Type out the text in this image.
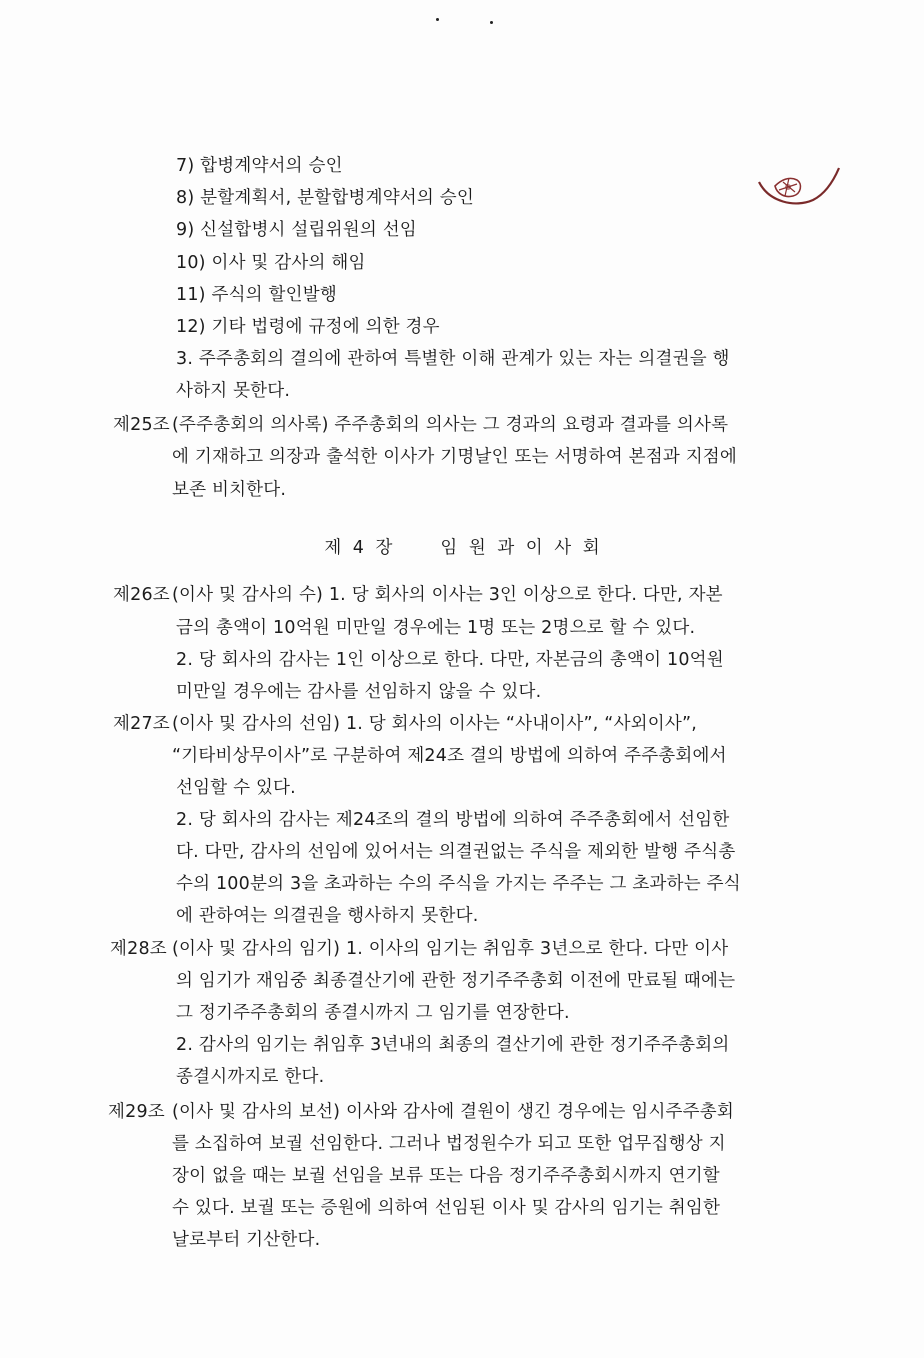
7) 합병계약서의 승인
8) 분할계획서, 분할합병계약서의 승인
9) 신설합병시 설립위원의 선임
10) 이사 및 감사의 해임
11) 주식의 할인발행
12) 기타 법령에 규정에 의한 경우
3. 주주총회의 결의에 관하여 특별한 이해 관계가 있는 자는 의결권을 행
사하지 못한다.
제25조 (주주총회의 의사록) 주주총회의 의사는 그 경과의 요령과 결과를 의사록
에 기재하고 의장과 출석한 이사가 기명날인 또는 서명하여 본점과 지점에
보존 비치한다.
제 4 장	임 원 과 이 사 회
제26조 (이사 및 감사의 수) 1. 당 회사의 이사는 3인 이상으로 한다. 다만, 자본
금의 총액이 10억원 미만일 경우에는 1명 또는 2명으로 할 수 있다.
2. 당 회사의 감사는 1인 이상으로 한다. 다만, 자본금의 총액이 10억원
미만일 경우에는 감사를 선임하지 않을 수 있다.
제27조 (이사 및 감사의 선임) 1. 당 회사의 이사는 “사내이사”, “사외이사”,
“기타비상무이사”로 구분하여 제24조 결의 방법에 의하여 주주총회에서
선임할 수 있다.
2. 당 회사의 감사는 제24조의 결의 방법에 의하여 주주총회에서 선임한
다. 다만, 감사의 선임에 있어서는 의결권없는 주식을 제외한 발행 주식총
수의 100분의 3을 초과하는 수의 주식을 가지는 주주는 그 초과하는 주식
에 관하여는 의결권을 행사하지 못한다.
제28조 (이사 및 감사의 임기) 1. 이사의 임기는 취임후 3년으로 한다. 다만 이사
의 임기가 재임중 최종결산기에 관한 정기주주총회 이전에 만료될 때에는
그 정기주주총회의 종결시까지 그 임기를 연장한다.
2. 감사의 임기는 취임후 3년내의 최종의 결산기에 관한 정기주주총회의
종결시까지로 한다.
제29조 (이사 및 감사의 보선) 이사와 감사에 결원이 생긴 경우에는 임시주주총회
를 소집하여 보궐 선임한다. 그러나 법정원수가 되고 또한 업무집행상 지
장이 없을 때는 보궐 선임을 보류 또는 다음 정기주주총회시까지 연기할
수 있다. 보궐 또는 증원에 의하여 선임된 이사 및 감사의 임기는 취임한
날로부터 기산한다.
